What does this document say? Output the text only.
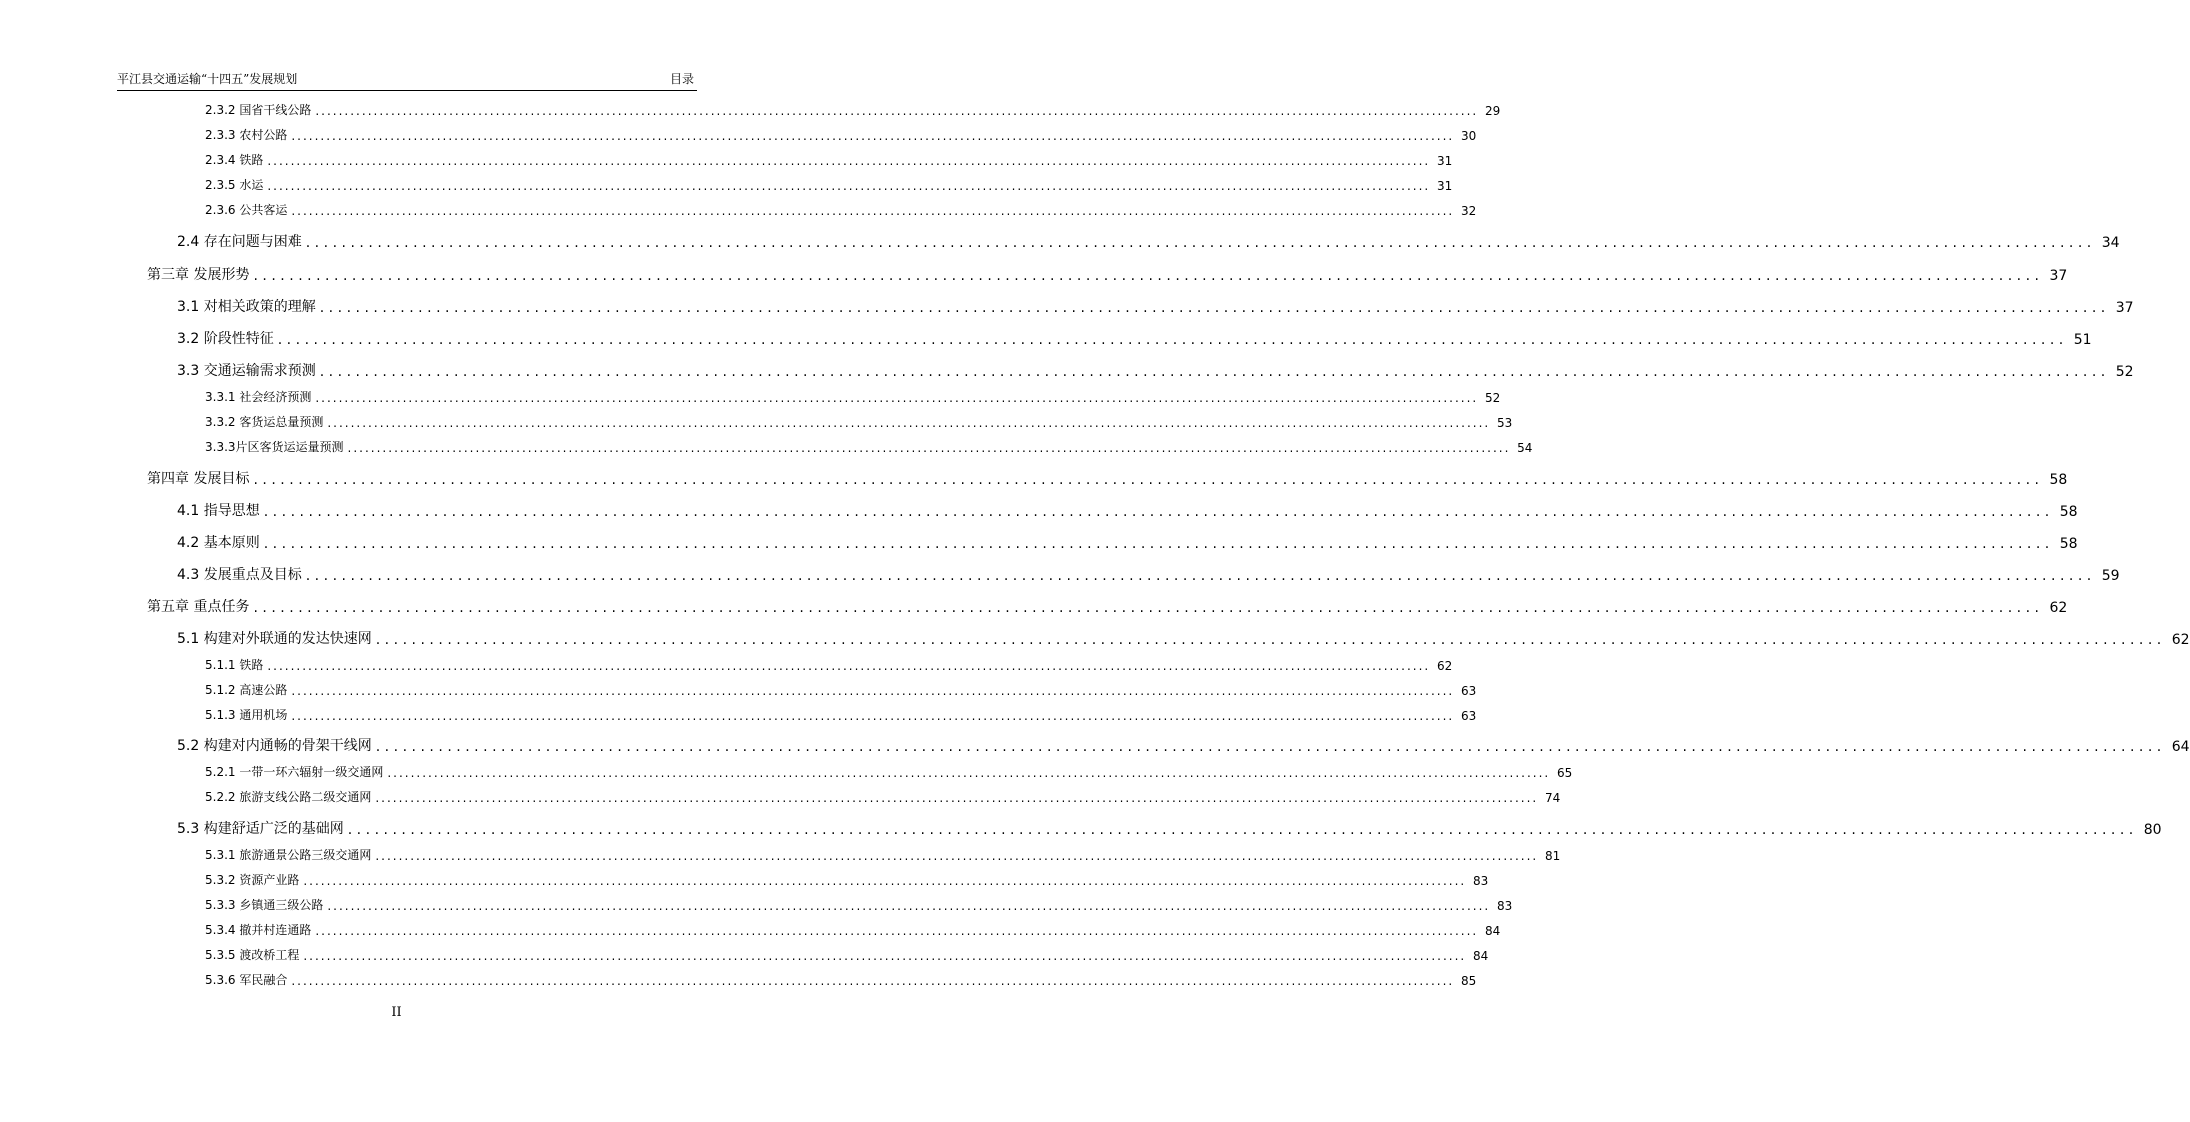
平江县交通运输“十四五”发展规划	目录
2.3.2 国省干线公路 ........................................................................................................................................................................................................ 29
2.3.3 农村公路 ........................................................................................................................................................................................................ 30
2.3.4 铁路 ........................................................................................................................................................................................................ 31
2.3.5 水运 ........................................................................................................................................................................................................ 31
2.3.6 公共客运 ........................................................................................................................................................................................................ 32
2.4 存在问题与困难 ........................................................................................................................................................................................................ 34
第三章 发展形势 ........................................................................................................................................................................................................ 37
3.1 对相关政策的理解 ........................................................................................................................................................................................................ 37
3.2 阶段性特征 ........................................................................................................................................................................................................ 51
3.3 交通运输需求预测 ........................................................................................................................................................................................................ 52
3.3.1 社会经济预测 ........................................................................................................................................................................................................ 52
3.3.2 客货运总量预测 ........................................................................................................................................................................................................ 53
3.3.3片区客货运运量预测 ........................................................................................................................................................................................................ 54
第四章 发展目标 ........................................................................................................................................................................................................ 58
4.1 指导思想 ........................................................................................................................................................................................................ 58
4.2 基本原则 ........................................................................................................................................................................................................ 58
4.3 发展重点及目标 ........................................................................................................................................................................................................ 59
第五章 重点任务 ........................................................................................................................................................................................................ 62
5.1 构建对外联通的发达快速网 ........................................................................................................................................................................................................ 62
5.1.1 铁路 ........................................................................................................................................................................................................ 62
5.1.2 高速公路 ........................................................................................................................................................................................................ 63
5.1.3 通用机场 ........................................................................................................................................................................................................ 63
5.2 构建对内通畅的骨架干线网 ........................................................................................................................................................................................................ 64
5.2.1 一带一环六辐射一级交通网 ........................................................................................................................................................................................................ 65
5.2.2 旅游支线公路二级交通网 ........................................................................................................................................................................................................ 74
5.3 构建舒适广泛的基础网 ........................................................................................................................................................................................................ 80
5.3.1 旅游通景公路三级交通网 ........................................................................................................................................................................................................ 81
5.3.2 资源产业路 ........................................................................................................................................................................................................ 83
5.3.3 乡镇通三级公路 ........................................................................................................................................................................................................ 83
5.3.4 撤并村连通路 ........................................................................................................................................................................................................ 84
5.3.5 渡改桥工程 ........................................................................................................................................................................................................ 84
5.3.6 军民融合 ........................................................................................................................................................................................................ 85
II
